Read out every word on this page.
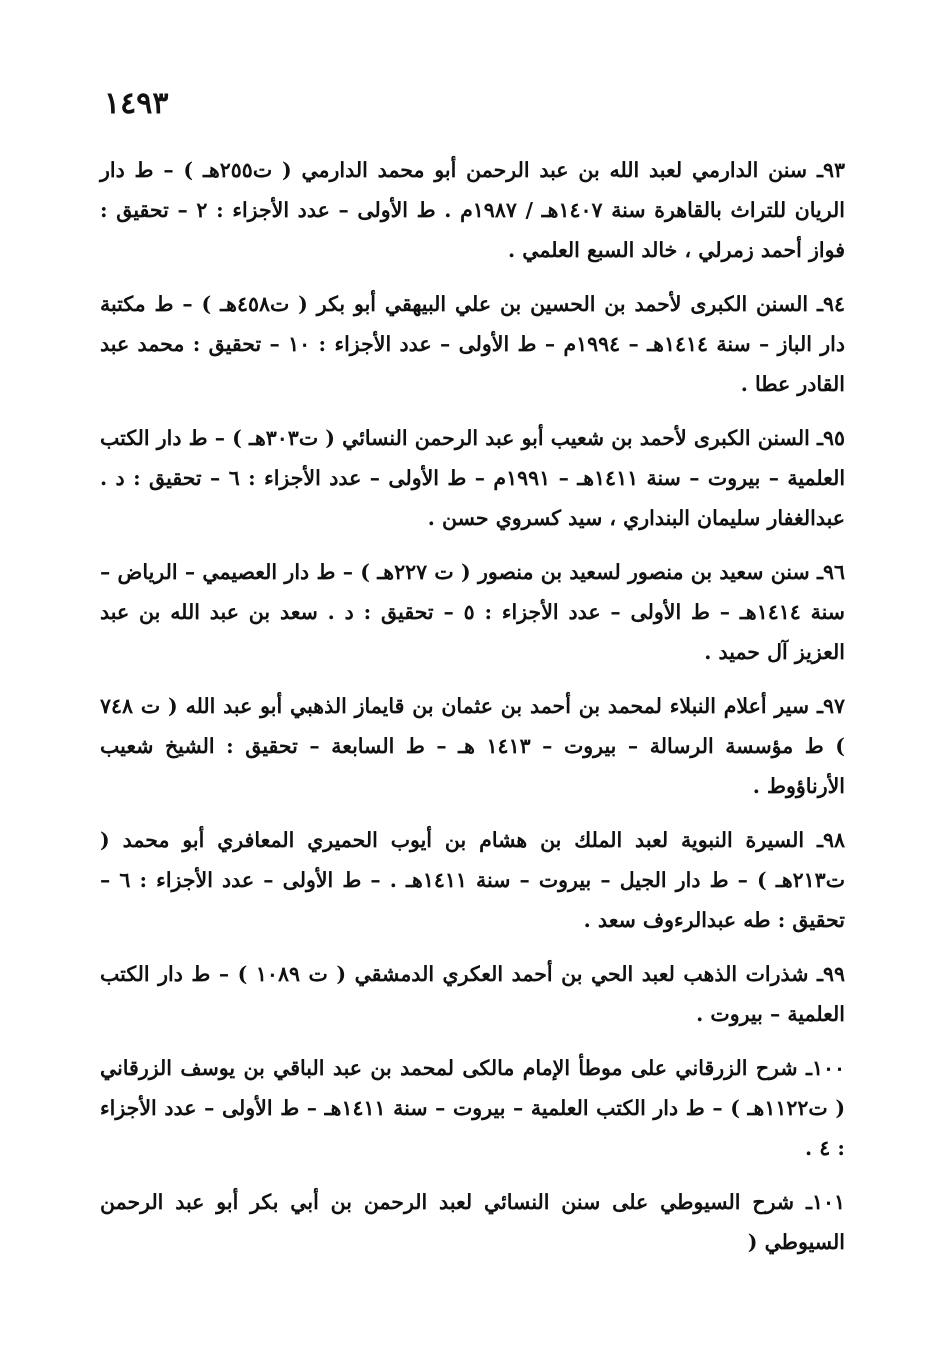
١٤٩٣

٩٣ـ سنن الدارمي لعبد الله بن عبد الرحمن أبو محمد الدارمي ( ت٢٥٥هـ ) – ط دار الريان للتراث بالقاهرة سنة ١٤٠٧هـ / ١٩٨٧م . ط الأولى – عدد الأجزاء : ٢ – تحقيق : فواز أحمد زمرلي ، خالد السبع العلمي .

٩٤ـ السنن الكبرى لأحمد بن الحسين بن علي البيهقي أبو بكر ( ت٤٥٨هـ ) – ط مكتبة دار الباز – سنة ١٤١٤هـ – ١٩٩٤م – ط الأولى – عدد الأجزاء : ١٠ – تحقيق : محمد عبد القادر عطا .

٩٥ـ السنن الكبرى لأحمد بن شعيب أبو عبد الرحمن النسائي ( ت٣٠٣هـ ) – ط دار الكتب العلمية – بيروت – سنة ١٤١١هـ – ١٩٩١م – ط الأولى – عدد الأجزاء : ٦ – تحقيق : د . عبدالغفار سليمان البنداري ، سيد كسروي حسن .

٩٦ـ سنن سعيد بن منصور لسعيد بن منصور ( ت ٢٢٧هـ ) – ط دار العصيمي – الرياض – سنة ١٤١٤هـ – ط الأولى – عدد الأجزاء : ٥ – تحقيق : د . سعد بن عبد الله بن عبد العزيز آل حميد .

٩٧ـ سير أعلام النبلاء لمحمد بن أحمد بن عثمان بن قايماز الذهبي أبو عبد الله ( ت ٧٤٨ ) ط مؤسسة الرسالة – بيروت – ١٤١٣ هـ – ط السابعة – تحقيق : الشيخ شعيب الأرناؤوط .

٩٨ـ السيرة النبوية لعبد الملك بن هشام بن أيوب الحميري المعافري أبو محمد ( ت٢١٣هـ ) – ط دار الجيل – بيروت – سنة ١٤١١هـ . – ط الأولى – عدد الأجزاء : ٦ – تحقيق : طه عبدالرءوف سعد .

٩٩ـ شذرات الذهب لعبد الحي بن أحمد العكري الدمشقي ( ت ١٠٨٩ ) – ط دار الكتب العلمية – بيروت .

١٠٠ـ شرح الزرقاني على موطأ الإمام مالكى لمحمد بن عبد الباقي بن يوسف الزرقاني ( ت١١٢٢هـ ) – ط دار الكتب العلمية – بيروت – سنة ١٤١١هـ – ط الأولى – عدد الأجزاء : ٤ .

١٠١ـ شرح السيوطي على سنن النسائي لعبد الرحمن بن أبي بكر أبو عبد الرحمن السيوطي (
